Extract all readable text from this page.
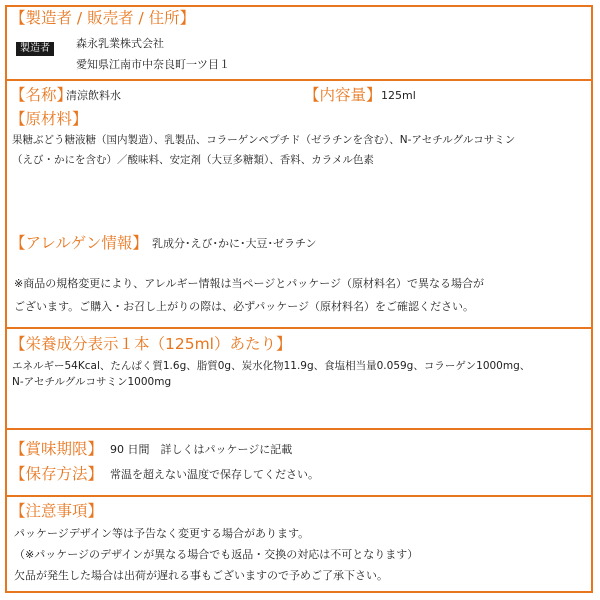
【製造者 / 販売者 / 住所】
製造者	森永乳業株式会社
愛知県江南市中奈良町一ツ目１
【名称】
清涼飲料水	【内容量】 125ml
【原材料】
果糖ぶどう糖液糖（国内製造）、乳製品、コラーゲンペプチド（ゼラチンを含む）、N-アセチルグルコサミン
（えび・かにを含む）／酸味料、安定剤（大豆多糖類）、香料、カラメル色素
【アレルゲン情報】 乳成分･えび･かに･大豆･ゼラチン
※商品の規格変更により、アレルギー情報は当ページとパッケージ（原材料名）で異なる場合が
ございます。ご購入・お召し上がりの際は、必ずパッケージ（原材料名）をご確認ください。
【栄養成分表示１本（125ml）あたり】
エネルギー54Kcal、たんぱく質1.6g、脂質0g、炭水化物11.9g、食塩相当量0.059g、コラーゲン1000mg、
N-アセチルグルコサミン1000mg
【賞味期限】 90 日間　詳しくはパッケージに記載
【保存方法】 常温を超えない温度で保存してください。
【注意事項】
パッケージデザイン等は予告なく変更する場合があります。
（※パッケージのデザインが異なる場合でも返品・交換の対応は不可となります）
欠品が発生した場合は出荷が遅れる事もございますので予めご了承下さい。
